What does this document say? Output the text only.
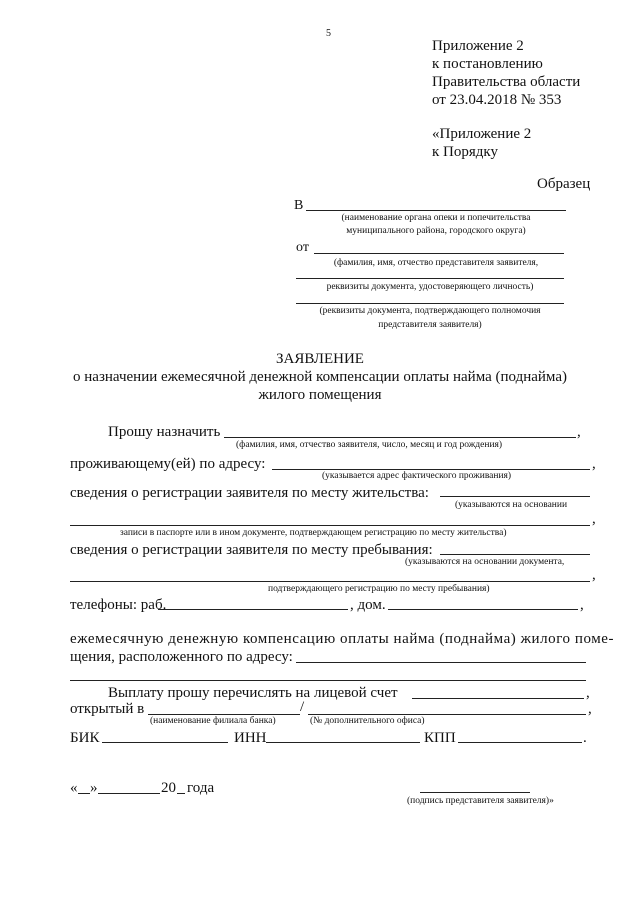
5
Приложение 2
к постановлению
Правительства области
от 23.04.2018 № 353
«Приложение 2
к Порядку
Образец
В
(наименование органа опеки и попечительства
муниципального района, городского округа)
от
(фамилия, имя, отчество представителя заявителя,
реквизиты документа, удостоверяющего личность)
(реквизиты документа, подтверждающего полномочия
представителя заявителя)
ЗАЯВЛЕНИЕ
о назначении ежемесячной денежной компенсации оплаты найма (поднайма)
жилого помещения
Прошу назначить	,
(фамилия, имя, отчество заявителя, число, месяц и год рождения)
проживающему(ей) по адресу:	,
(указывается адрес фактического проживания)
сведения о регистрации заявителя по месту жительства:
(указываются на основании
,
записи в паспорте или в ином документе, подтверждающем регистрацию по месту жительства)
сведения о регистрации заявителя по месту пребывания:
(указываются на основании документа,
,
подтверждающего регистрацию по месту пребывания)
телефоны: раб.	, дом.	,
ежемесячную денежную компенсацию оплаты найма (поднайма) жилого поме-
щения, расположенного по адресу:
Выплату прошу перечислять на лицевой счет	,
открытый в	/	,
(наименование филиала банка)	(№ дополнительного офиса)
БИК	ИНН	КПП	.
« »	20 года
(подпись представителя заявителя)»
